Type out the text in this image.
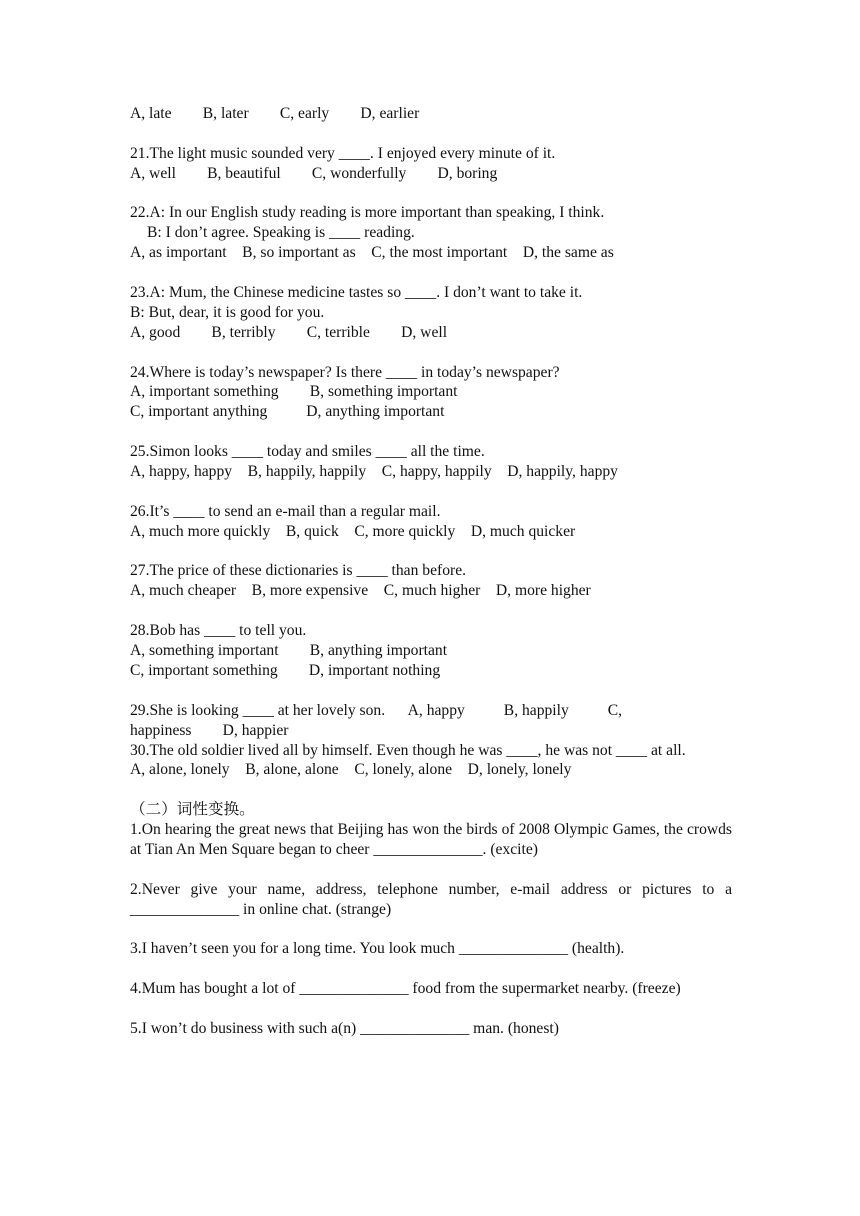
A, late        B, later        C, early        D, earlier
21.The light music sounded very ____. I enjoyed every minute of it.
A, well        B, beautiful        C, wonderfully        D, boring
22.A: In our English study reading is more important than speaking, I think.
B: I don’t agree. Speaking is ____ reading.
A, as important    B, so important as    C, the most important    D, the same as
23.A: Mum, the Chinese medicine tastes so ____. I don’t want to take it.
B: But, dear, it is good for you.
A, good        B, terribly        C, terrible        D, well
24.Where is today’s newspaper? Is there ____ in today’s newspaper?
A, important something        B, something important
C, important anything          D, anything important
25.Simon looks ____ today and smiles ____ all the time.
A, happy, happy    B, happily, happily    C, happy, happily    D, happily, happy
26.It’s ____ to send an e-mail than a regular mail.
A, much more quickly    B, quick    C, more quickly    D, much quicker
27.The price of these dictionaries is ____ than before.
A, much cheaper    B, more expensive    C, much higher    D, more higher
28.Bob has ____ to tell you.
A, something important        B, anything important
C, important something        D, important nothing
29.She is looking ____ at her lovely son.      A, happy          B, happily          C,
happiness        D, happier
30.The old soldier lived all by himself. Even though he was ____, he was not ____ at all.
A, alone, lonely    B, alone, alone    C, lonely, alone    D, lonely, lonely
（二）词性变换。
1.On hearing the great news that Beijing has won the birds of 2008 Olympic Games, the crowds at Tian An Men Square began to cheer ______________. (excite)
2.Never give your name, address, telephone number, e-mail address or pictures to a ______________ in online chat. (strange)
3.I haven’t seen you for a long time. You look much ______________ (health).
4.Mum has bought a lot of ______________ food from the supermarket nearby. (freeze)
5.I won’t do business with such a(n) ______________ man. (honest)
